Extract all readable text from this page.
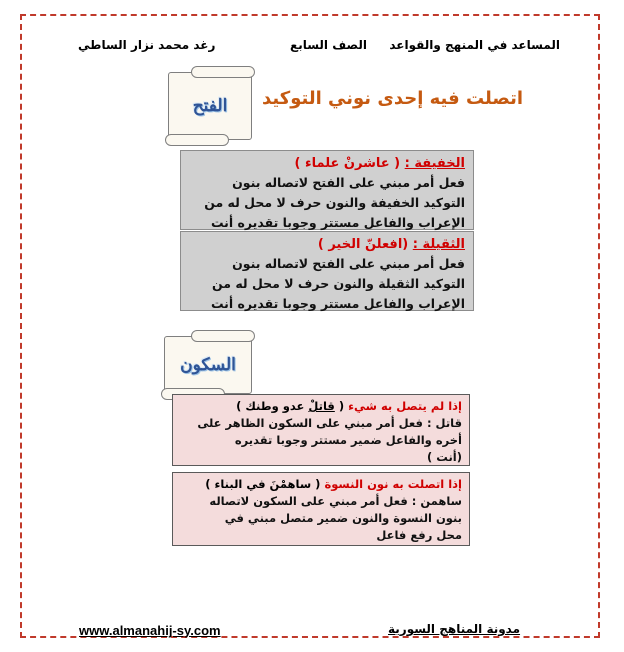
المساعد في المنهج والقواعد
الصف السابع
رغد محمد نزار الساطي
اتصلت فيه إحدى نوني التوكيد
الفتح
الخفيفة : ( عاشرنْ علماء )
فعل أمر مبني على الفتح لاتصاله بنون
التوكيد الخفيفة والنون حرف لا محل له من
الإعراب والفاعل مستتر وجوبا تقديره أنت
الثقيلة : (افعلنّ الخير )
فعل أمر مبني على الفتح لاتصاله بنون
التوكيد الثقيلة والنون حرف لا محل له من
الإعراب والفاعل مستتر وجوبا تقديره أنت
السكون
إذا لم يتصل به شيء ( قاتلْ عدو وطنك )
قاتل : فعل أمر مبني على السكون الظاهر على
أخره والفاعل ضمير مستتر وجوبا تقديره
(أنت )
إذا اتصلت به نون النسوة ( ساهمْنَ في البناء )
ساهمن : فعل أمر مبني على السكون لاتصاله
بنون النسوة والنون ضمير متصل مبني في
محل رفع فاعل
www.almanahij-sy.com	مدونة المناهج السورية
